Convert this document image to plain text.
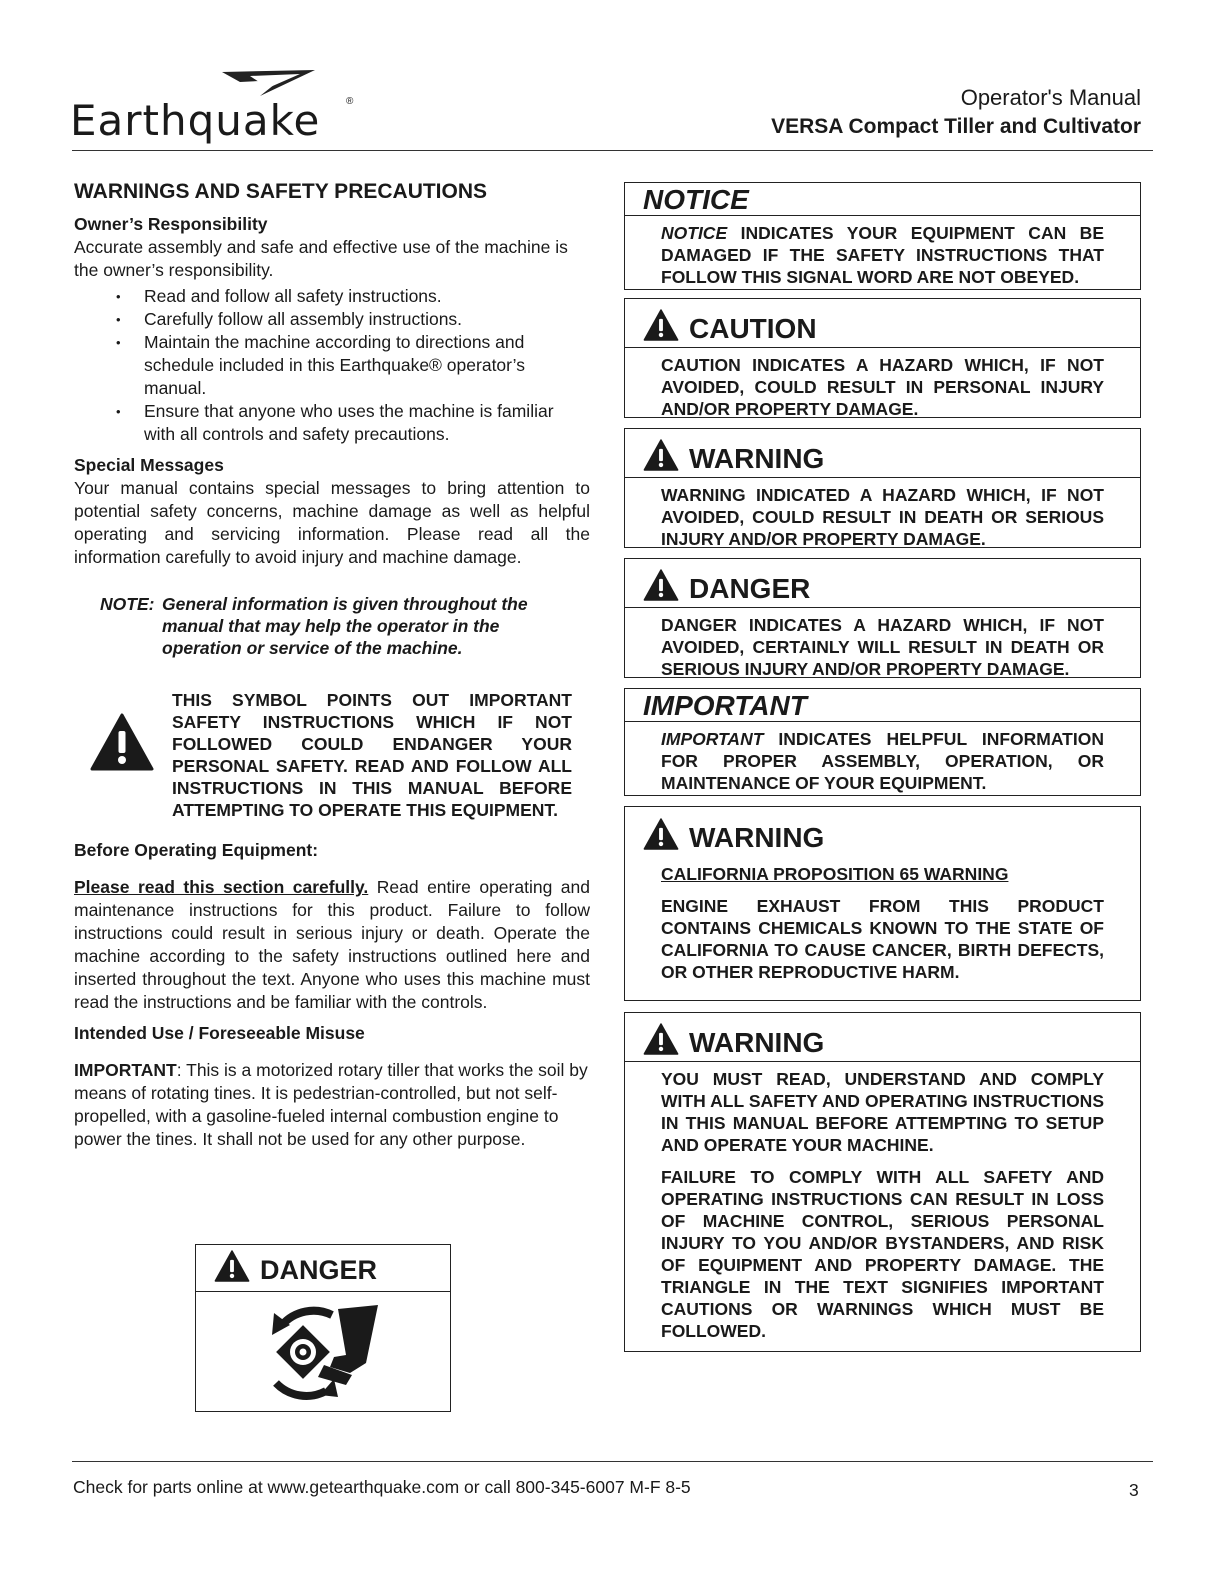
Earthquake	®	Operator's Manual
VERSA Compact Tiller and Cultivator
WARNINGS AND SAFETY PRECAUTIONS
Owner’s Responsibility

Accurate assembly and safe and effective use of the machine is the owner’s responsibility.

• Read and follow all safety instructions.
• Carefully follow all assembly instructions.
• Maintain the machine according to directions and schedule included in this Earthquake® operator’s manual.
• Ensure that anyone who uses the machine is familiar with all controls and safety precautions.
Special Messages

Your manual contains special messages to bring attention to potential safety concerns, machine damage as well as helpful operating and servicing information. Please read all the information carefully to avoid injury and machine damage.

NOTE: General information is given throughout the manual that may help the operator in the operation or service of the machine.
THIS SYMBOL POINTS OUT IMPORTANT SAFETY INSTRUCTIONS WHICH IF NOT FOLLOWED COULD ENDANGER YOUR PERSONAL SAFETY. READ AND FOLLOW ALL INSTRUCTIONS IN THIS MANUAL BEFORE ATTEMPTING TO OPERATE THIS EQUIPMENT.
Before Operating Equipment:

Please read this section carefully. Read entire operating and maintenance instructions for this product. Failure to follow instructions could result in serious injury or death. Operate the machine according to the safety instructions outlined here and inserted throughout the text. Anyone who uses this machine must read the instructions and be familiar with the controls.

Intended Use / Foreseeable Misuse

IMPORTANT: This is a motorized rotary tiller that works the soil by means of rotating tines. It is pedestrian-controlled, but not self-propelled, with a gasoline-fueled internal combustion engine to power the tines. It shall not be used for any other purpose.

DANGER
NOTICE
NOTICE INDICATES YOUR EQUIPMENT CAN BE DAMAGED IF THE SAFETY INSTRUCTIONS THAT FOLLOW THIS SIGNAL WORD ARE NOT OBEYED.
CAUTION
CAUTION INDICATES A HAZARD WHICH, IF NOT AVOIDED, COULD RESULT IN PERSONAL INJURY AND/OR PROPERTY DAMAGE.
WARNING
WARNING INDICATED A HAZARD WHICH, IF NOT AVOIDED, COULD RESULT IN DEATH OR SERIOUS INJURY AND/OR PROPERTY DAMAGE.
DANGER
DANGER INDICATES A HAZARD WHICH, IF NOT AVOIDED, CERTAINLY WILL RESULT IN DEATH OR SERIOUS INJURY AND/OR PROPERTY DAMAGE.
IMPORTANT
IMPORTANT INDICATES HELPFUL INFORMATION FOR PROPER ASSEMBLY, OPERATION, OR MAINTENANCE OF YOUR EQUIPMENT.
WARNING
CALIFORNIA PROPOSITION 65 WARNING
ENGINE EXHAUST FROM THIS PRODUCT CONTAINS CHEMICALS KNOWN TO THE STATE OF CALIFORNIA TO CAUSE CANCER, BIRTH DEFECTS, OR OTHER REPRODUCTIVE HARM.
WARNING
YOU MUST READ, UNDERSTAND AND COMPLY WITH ALL SAFETY AND OPERATING INSTRUCTIONS IN THIS MANUAL BEFORE ATTEMPTING TO SETUP AND OPERATE YOUR MACHINE.
FAILURE TO COMPLY WITH ALL SAFETY AND OPERATING INSTRUCTIONS CAN RESULT IN LOSS OF MACHINE CONTROL, SERIOUS PERSONAL INJURY TO YOU AND/OR BYSTANDERS, AND RISK OF EQUIPMENT AND PROPERTY DAMAGE. THE TRIANGLE IN THE TEXT SIGNIFIES IMPORTANT CAUTIONS OR WARNINGS WHICH MUST BE FOLLOWED.
Check for parts online at www.getearthquake.com or call 800-345-6007 M-F 8-5	3
